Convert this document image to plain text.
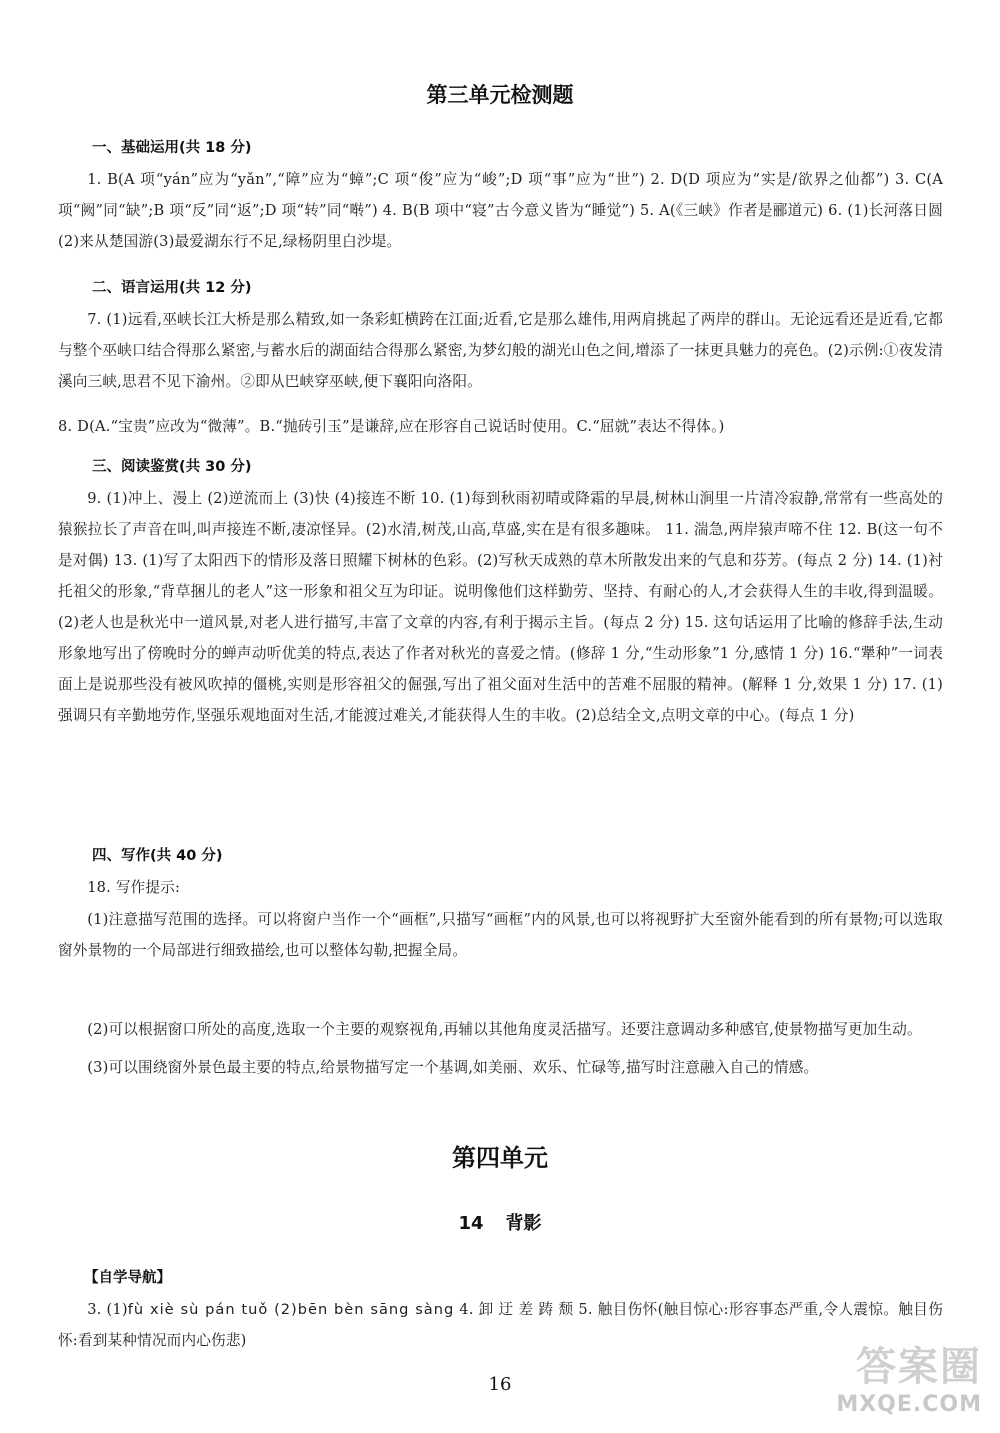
第三单元检测题
一、基础运用(共 18 分)
1. B(A 项“yán”应为“yǎn”,“障”应为“蟑”;C 项“俊”应为“峻”;D 项“事”应为“世”) 2. D(D 项应为“实是/欲界之仙都”) 3. C(A 项“阙”同“缺”;B 项“反”同“返”;D 项“转”同“啭”) 4. B(B 项中“寝”古今意义皆为“睡觉”) 5. A(《三峡》作者是郦道元) 6. (1)长河落日圆(2)来从楚国游(3)最爱湖东行不足,绿杨阴里白沙堤。
二、语言运用(共 12 分)
7. (1)远看,巫峡长江大桥是那么精致,如一条彩虹横跨在江面;近看,它是那么雄伟,用两肩挑起了两岸的群山。无论远看还是近看,它都与整个巫峡口结合得那么紧密,与蓄水后的湖面结合得那么紧密,为梦幻般的湖光山色之间,增添了一抹更具魅力的亮色。(2)示例:①夜发清溪向三峡,思君不见下渝州。②即从巴峡穿巫峡,便下襄阳向洛阳。
8. D(A.“宝贵”应改为“微薄”。B.“抛砖引玉”是谦辞,应在形容自己说话时使用。C.“屈就”表达不得体。)
三、阅读鉴赏(共 30 分)
9. (1)冲上、漫上 (2)逆流而上 (3)快 (4)接连不断 10. (1)每到秋雨初晴或降霜的早晨,树林山涧里一片清冷寂静,常常有一些高处的猿猴拉长了声音在叫,叫声接连不断,凄凉怪异。(2)水清,树茂,山高,草盛,实在是有很多趣味。 11. 湍急,两岸猿声啼不住 12. B(这一句不是对偶) 13. (1)写了太阳西下的情形及落日照耀下树林的色彩。(2)写秋天成熟的草木所散发出来的气息和芬芳。(每点 2 分) 14. (1)衬托祖父的形象,“背草捆儿的老人”这一形象和祖父互为印证。说明像他们这样勤劳、坚持、有耐心的人,才会获得人生的丰收,得到温暖。(2)老人也是秋光中一道风景,对老人进行描写,丰富了文章的内容,有利于揭示主旨。(每点 2 分) 15. 这句话运用了比喻的修辞手法,生动形象地写出了傍晚时分的蝉声动听优美的特点,表达了作者对秋光的喜爱之情。(修辞 1 分,“生动形象”1 分,感情 1 分) 16.“犟种”一词表面上是说那些没有被风吹掉的僵桃,实则是形容祖父的倔强,写出了祖父面对生活中的苦难不屈服的精神。(解释 1 分,效果 1 分) 17. (1)强调只有辛勤地劳作,坚强乐观地面对生活,才能渡过难关,才能获得人生的丰收。(2)总结全文,点明文章的中心。(每点 1 分)
四、写作(共 40 分)
18. 写作提示:
(1)注意描写范围的选择。可以将窗户当作一个“画框”,只描写“画框”内的风景,也可以将视野扩大至窗外能看到的所有景物;可以选取窗外景物的一个局部进行细致描绘,也可以整体勾勒,把握全局。
(2)可以根据窗口所处的高度,选取一个主要的观察视角,再辅以其他角度灵活描写。还要注意调动多种感官,使景物描写更加生动。
(3)可以围绕窗外景色最主要的特点,给景物描写定一个基调,如美丽、欢乐、忙碌等,描写时注意融入自己的情感。
第四单元
14 背影
【自学导航】
3. (1)fù xiè sù pán tuǒ (2)bēn bèn sāng sàng 4. 卸 迂 差 踌 颓 5. 触目伤怀(触目惊心:形容事态严重,令人震惊。触目伤怀:看到某种情况而内心伤悲)
16	答案圈
MXQE.COM
